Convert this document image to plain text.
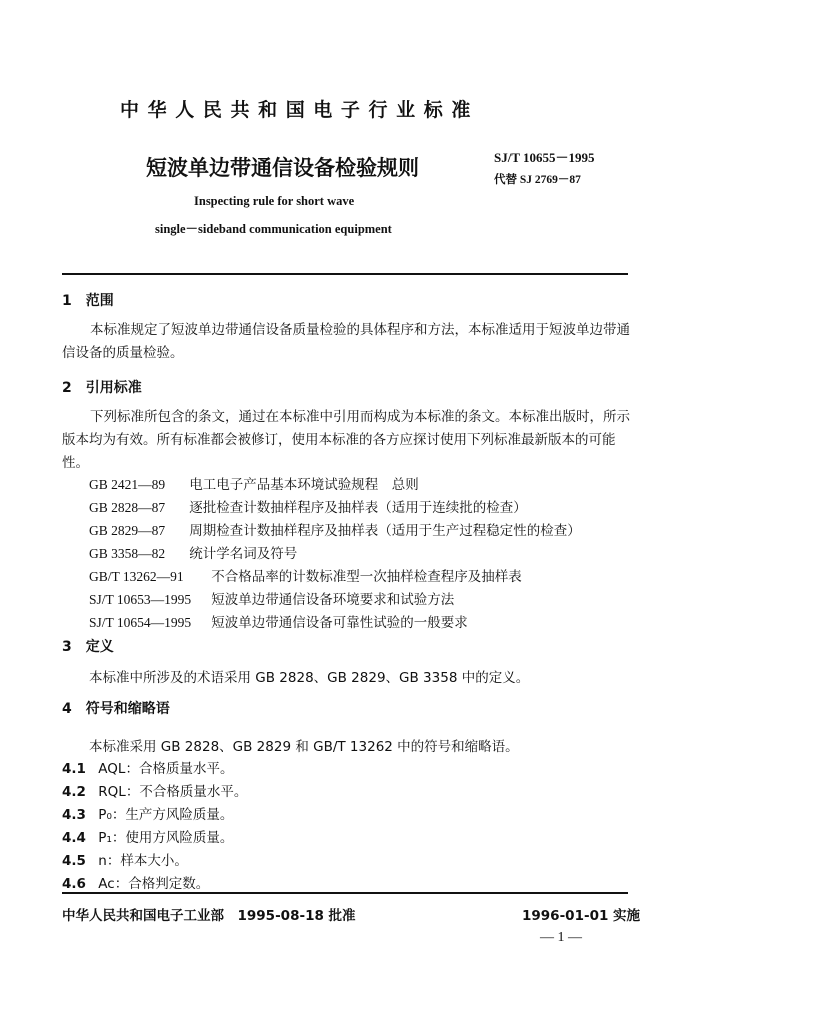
中 华 人 民 共 和 国 电 子 行 业 标 准
短波单边带通信设备检验规则	SJ/T 10655－1995
代替 SJ 2769－87
Inspecting rule for short wave
single－sideband communication equipment
1　范围
本标准规定了短波单边带通信设备质量检验的具体程序和方法，本标准适用于短波单边带通信设备的质量检验。
2　引用标准
下列标准所包含的条文，通过在本标准中引用而构成为本标准的条文。本标准出版时，所示版本均为有效。所有标准都会被修订，使用本标准的各方应探讨使用下列标准最新版本的可能性。
GB 2421—89 电工电子产品基本环境试验规程　总则
GB 2828—87 逐批检查计数抽样程序及抽样表（适用于连续批的检查）
GB 2829—87 周期检查计数抽样程序及抽样表（适用于生产过程稳定性的检查）
GB 3358—82 统计学名词及符号
GB/T 13262—91 不合格品率的计数标准型一次抽样检查程序及抽样表
SJ/T 10653—1995 短波单边带通信设备环境要求和试验方法
SJ/T 10654—1995 短波单边带通信设备可靠性试验的一般要求
3　定义
本标准中所涉及的术语采用 GB 2828、GB 2829、GB 3358 中的定义。
4　符号和缩略语
本标准采用 GB 2828、GB 2829 和 GB/T 13262 中的符号和缩略语。
4.1 AQL：合格质量水平。
4.2 RQL：不合格质量水平。
4.3 P₀：生产方风险质量。
4.4 P₁：使用方风险质量。
4.5 n：样本大小。
4.6 Ac：合格判定数。
中华人民共和国电子工业部　1995-08-18 批准	1996-01-01 实施
— 1 —
